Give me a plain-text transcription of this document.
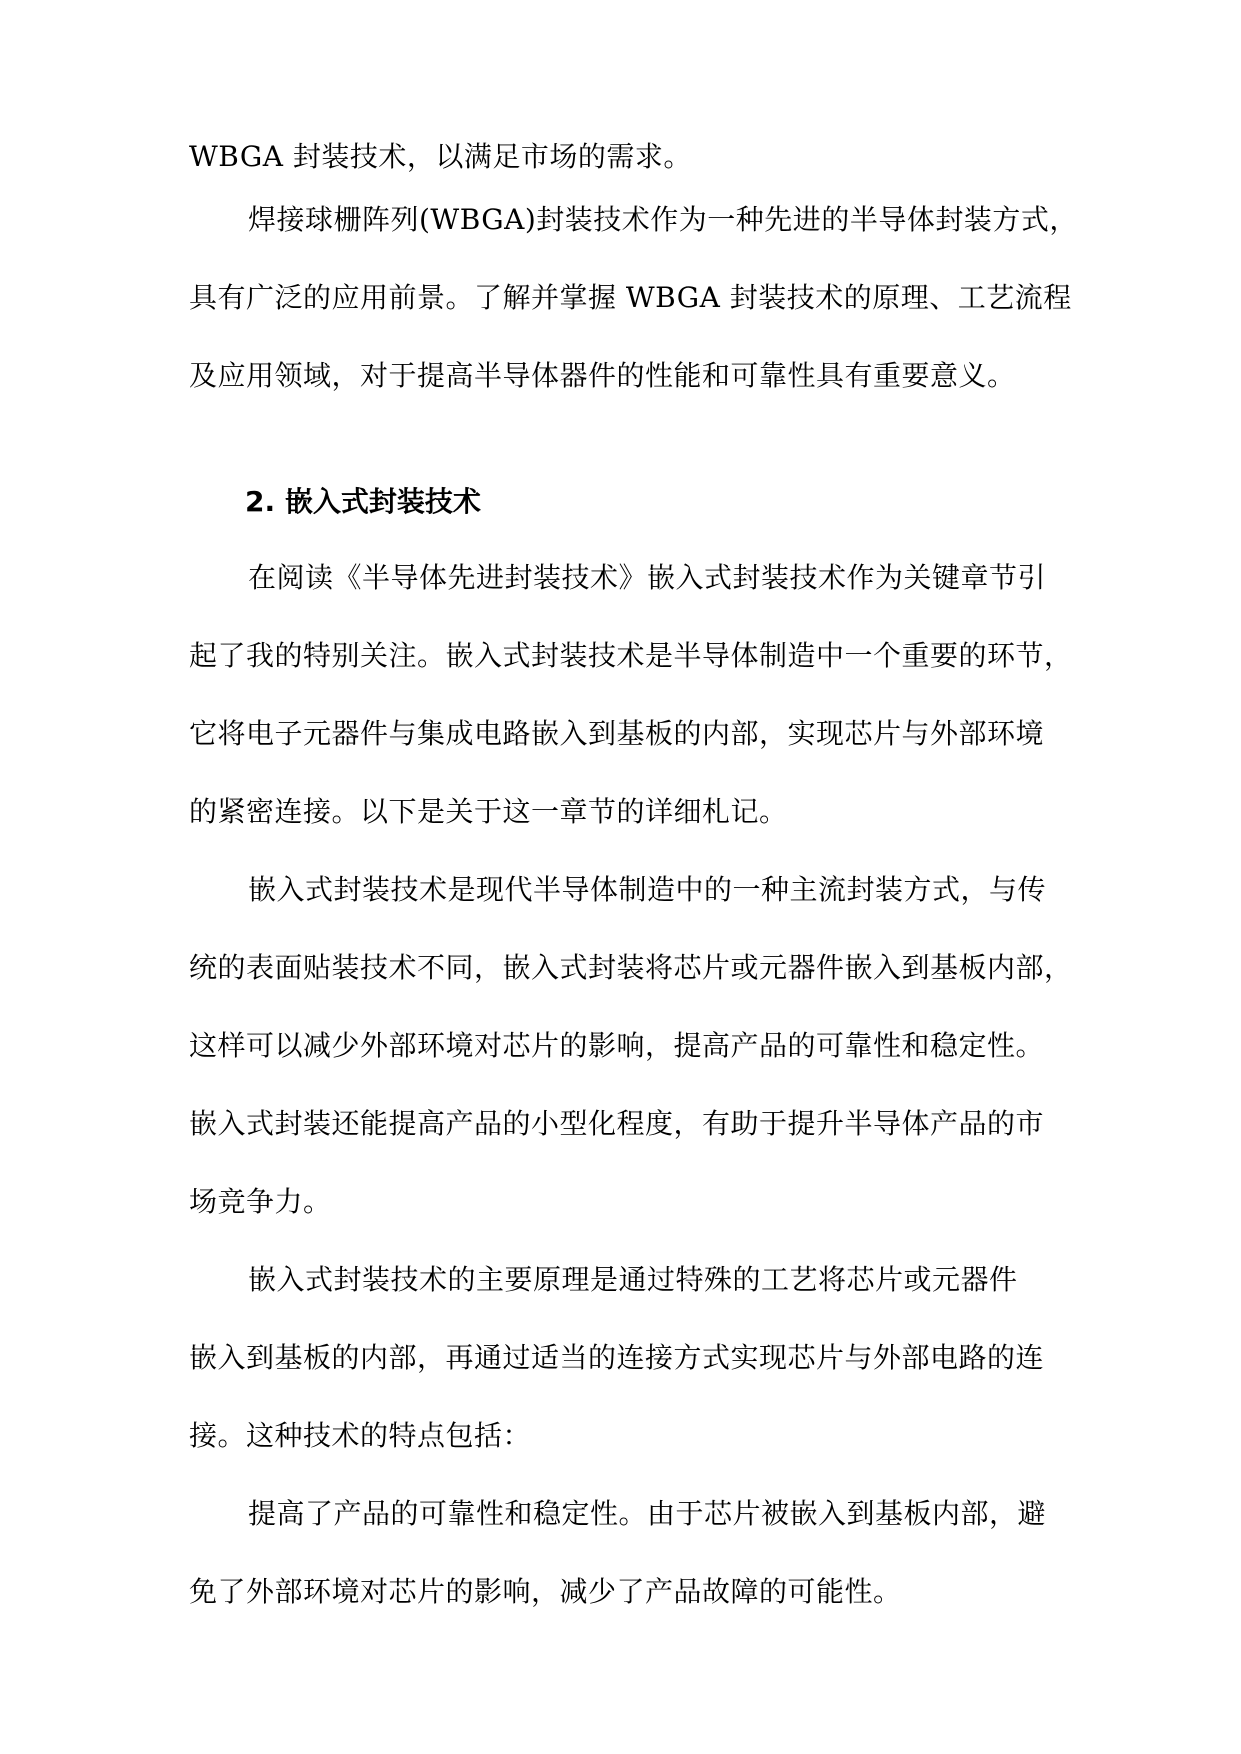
WBGA 封装技术，以满足市场的需求。
焊接球栅阵列(WBGA)封装技术作为一种先进的半导体封装方式，
具有广泛的应用前景。了解并掌握 WBGA 封装技术的原理、工艺流程
及应用领域，对于提高半导体器件的性能和可靠性具有重要意义。
2. 嵌入式封装技术
在阅读《半导体先进封装技术》嵌入式封装技术作为关键章节引
起了我的特别关注。嵌入式封装技术是半导体制造中一个重要的环节，
它将电子元器件与集成电路嵌入到基板的内部，实现芯片与外部环境
的紧密连接。以下是关于这一章节的详细札记。
嵌入式封装技术是现代半导体制造中的一种主流封装方式，与传
统的表面贴装技术不同，嵌入式封装将芯片或元器件嵌入到基板内部，
这样可以减少外部环境对芯片的影响，提高产品的可靠性和稳定性。
嵌入式封装还能提高产品的小型化程度，有助于提升半导体产品的市
场竞争力。
嵌入式封装技术的主要原理是通过特殊的工艺将芯片或元器件
嵌入到基板的内部，再通过适当的连接方式实现芯片与外部电路的连
接。这种技术的特点包括：
提高了产品的可靠性和稳定性。由于芯片被嵌入到基板内部，避
免了外部环境对芯片的影响，减少了产品故障的可能性。
